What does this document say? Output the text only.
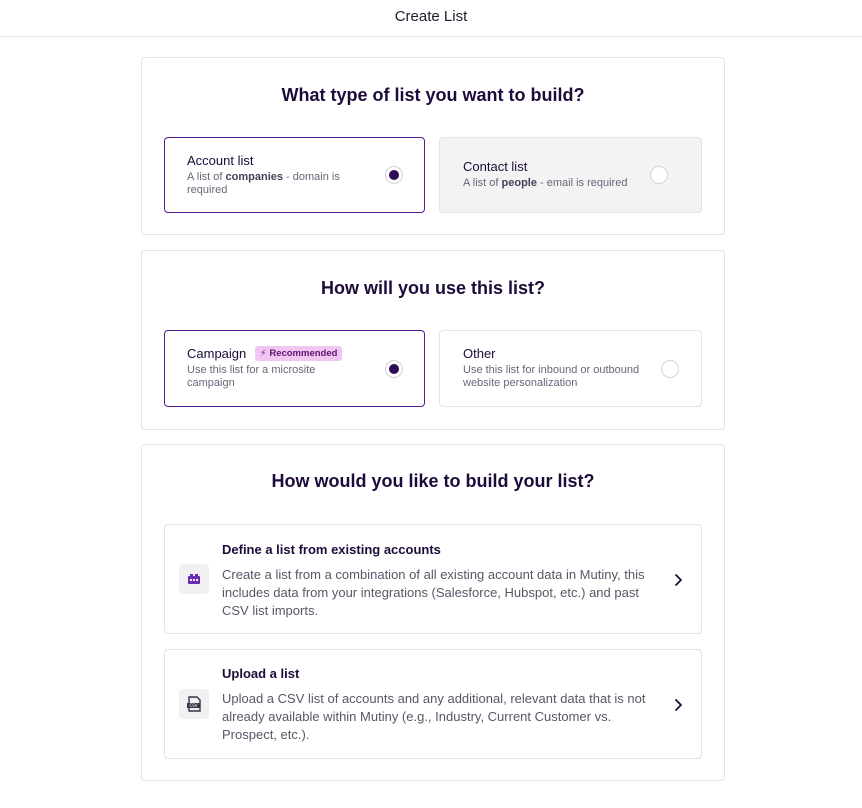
Create List
What type of list you want to build?
Account list
A list of companies - domain is required
Contact list
A list of people - email is required
How will you use this list?
Campaign ⚡ Recommended
Use this list for a microsite campaign
Other
Use this list for inbound or outbound website personalization
How would you like to build your list?
Define a list from existing accounts
Create a list from a combination of all existing account data in Mutiny, this includes data from your integrations (Salesforce, Hubspot, etc.) and past CSV list imports.
CSV
Upload a list
Upload a CSV list of accounts and any additional, relevant data that is not already available within Mutiny (e.g., Industry, Current Customer vs. Prospect, etc.).
